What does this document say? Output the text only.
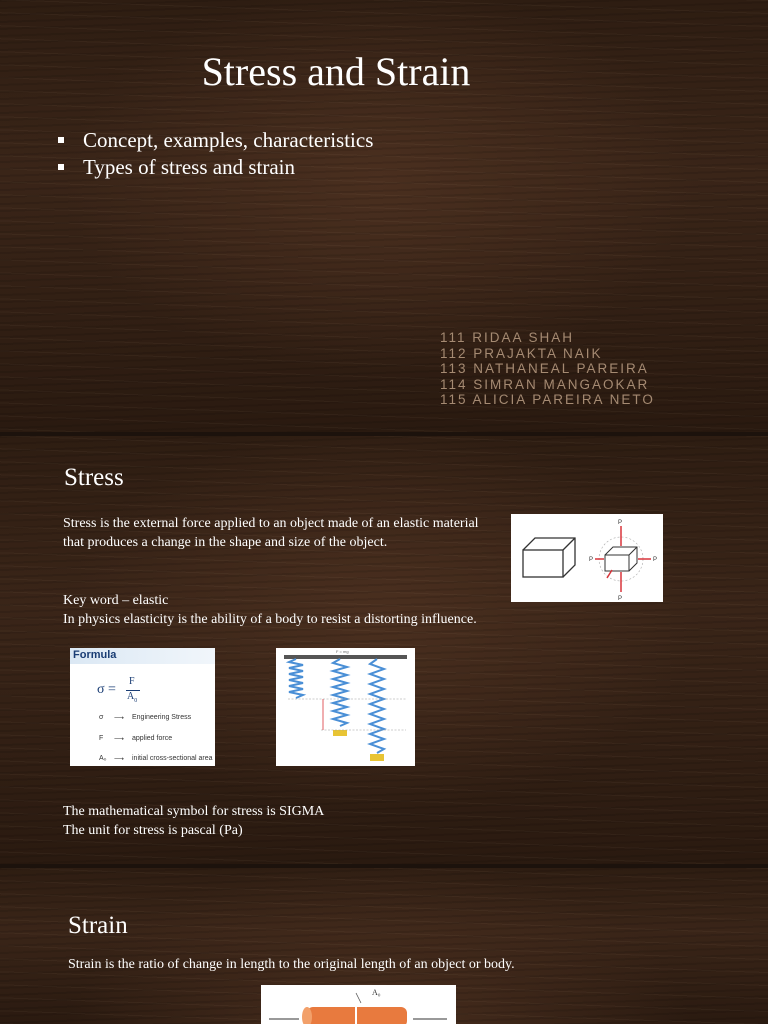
Stress and Strain
Concept, examples, characteristics
Types of stress and strain
111 RIDAA SHAH
112 PRAJAKTA NAIK
113 NATHANEAL PAREIRA
114 SIMRAN MANGAOKAR
115 ALICIA PAREIRA NETO
Stress

Stress is the external force applied to an object made of an elastic material that produces a change in the shape and size of the object.

Key word – elastic

In physics elasticity is the ability of a body to resist a distorting influence.

P
P
P	P
Formula
σ =
F
$A_0$
σ ⟶ Engineering Stress
F ⟶ applied force
A₀ ⟶ initial cross-sectional area
F = mg

The mathematical symbol for stress is SIGMA

The unit for stress is pascal (Pa)

Strain

Strain is the ratio of change in length to the original length of an object or body.

A₀
